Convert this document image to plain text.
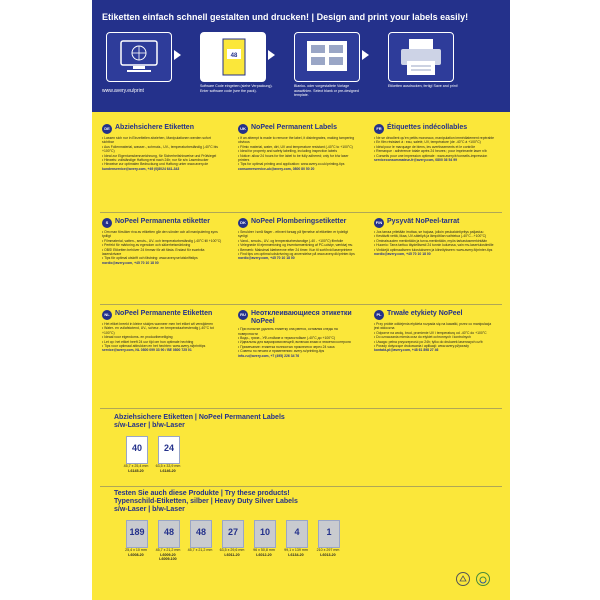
Etiketten einfach schnell gestalten und drucken! | Design and print your labels easily!
48
Software Code eingeben (siehe Verpackung). Enter software code (see the pack).
Blanko- oder vorgestaltete Vorlage auswählen. Select blank or pre-designed template.
Etiketten ausdrucken, fertig! Save and print!
www.avery.eu/print
DE Abziehsichere Etiketten
• Lassen sich nur in Einzelteilen abziehen, Manipulationen werden sofort sichtbar
• Aus Folienmaterial, wasser-, schmutz-, UV-, temperaturbeständig (-40°C bis +100°C)
• Ideal zur Eigentumskennzeichnung, für Sicherheitshinweise und Prüfsiegel
• Hinweis: vollständige Haftung erst nach 24h; nur für s/w Laserdrucker
• Hinweise zur optimalen Bedruckung und Haftung unter www.avery.de
kundenservice@avery.com, +49 (0)8024 641-343
UK NoPeel Permanent Labels
• If an attempt is made to remove the label, it disintegrates, making tampering obvious
• Filmic material, water, dirt, UV and temperature resistant (-40°C to +100°C)
• Ideal for property and safety labelling, including inspection labels
• Notice: allow 24 hours for the label to be fully adhered; only for b/w laser printers
• Tips for optimal printing and application: www.avery.co.uk/printing-tips
consumerservice-uk@avery.com, 0800 80 50 20
FR Étiquettes indécollables
• Ne se décollent qu'en petits morceaux, manipulation immédiatement repérable
• En film résistant à : eau, saleté, UV, température (de -40°C à +100°C)
• Idéal pour le marquage de biens, les avertissements et le contrôle
• Remarque : adhérence totale après 24 heures ; pour imprimante laser n/b
• Conseils pour une impression optimale : www.avery.fr/conseils-impression
serviceconsommateur-fr@avery.com, 0800 36 54 99
S NoPeel Permanenta etiketter
• Om man försöker riva av etiketten går den sönder och all manipulering syns tydligt
• Filmmaterial, vatten-, smuts-, UV- och temperaturbeständig (-40°C till +100°C)
• Perfekt för märkning av egendom och säkerhetsmärkning
• OBS! Etiketten behöver 24 timmar för att fästa. Endast för svartvita laserskrivare
• Tips för optimal utskrift och fästning: www.avery.se/utskriftstips
nordic@avery.com, +45 70 10 18 00
DK NoPeel Plomberingsetiketter
• Smuldrer i små flager - ethvert forsøg på fjernelse af etiketten er tydeligt synligt
• Vand-, smuds-, UV- og temperaturbestandige (-40 - +100°C) filmfolie
• Velegnede til ejermærkning og inventarmærkning af PC-udstyr, værktøj mv.
• Bemærk: Maksimal klæbeevne efter 24 timer. Kun til sort/hvid laserprintere
• Find tips om optimal udskrivning og anvendelse på www.avery.dk/printer-tips
nordic@avery.com, +45 70 10 18 00
FIN Pysyvät NoPeel-tarrat
• Jos tarraa yritetään irrottaa, se hajoaa, jolloin peukalointiyritys paljastuu
• Kestävät vettä, likaa, UV-säteilyä ja lämpötilan vaihtelua (-40°C...+100°C)
• Ominaisuuden merkintään ja turva-merkintään, myös tarkastusmerkintään
• Huomio: Tarra tarttuu täydellisesti 24 tunnin kuluessa, vain mv-lasertulostimille
• Vinkkejä optimaaliseen tulostukseen ja kiinnitykseen: www.avery.fi/printer-tips
nordic@avery.com, +45 70 10 18 00
NL NoPeel Permanente Etiketten
• Het etiket breekt in kleine stukjes wanneer men het etiket wil verwijderen
• Water- en vuilafstotend, UV-, scheur- en temperatuurbestendig (-40°C tot +100°C)
• Ideaal voor eigendoms- en productbeveiliging
• Let op: het etiket heeft 24 uur tijd om hun optimale hechting
• Tips voor optimaal afdrukken en het hechten: www.avery.nl/printtips
service@avery.com, NL 0800 099 33 90 / BE 0800 725 01
RU Неотклеивающиеся этикетки NoPeel
• При попытке удалить этикетку она рвется, оставляя следы на поверхности
• Водо-, грязе-, УФ-стойкие и термостойкие (-40°C до +100°C)
• Идеальны для маркировки вещей, включая знаки и этикетки контроля
• Примечание: этикетка полностью приклеится через 24 часа
• Советы по печати и применению: avery.ru/printing-tips
info-ru@avery.com, +7 (495) 226 34 76
PL Trwałe etykiety NoPeel
• Przy próbie odklejenia etykieta rozpada się na kawałki, przez co manipulacja jest widoczna
• Odporne na wodę, brud, promienie UV i temperaturę od -40°C do +100°C
• Do oznaczania mienia oraz do etykiet ochronnych i kontrolnych
• Uwaga: pełna przyczepność po 24h; tylko do drukarek laserowych cz/b
• Porady dotyczące drukowania i aplikacji: www.avery.pl/porady
kontakt-pl@avery.com, +48 61 898 27 46
Abziehsichere Etiketten | NoPeel Permanent Labels
s/w-Laser | b/w-Laser
40
45,7 x 25,4 mm
L6145-20
24
63,5 x 33,9 mm
L6146-20
Testen Sie auch diese Produkte | Try these products!
Typenschild-Etiketten, silber | Heavy Duty Silver Labels
s/w-Laser | b/w-Laser
189
25,4 x 10 mm
L6008-20
48
45,7 x 21,2 mm
L6009-20
L6009-100
48
45,7 x 21,2 mm
27
63,5 x 29,6 mm
L6011-20
10
96 x 50,8 mm
L6012-20
4
99,1 x 139 mm
L6134-20
1
210 x 297 mm
L6013-20
